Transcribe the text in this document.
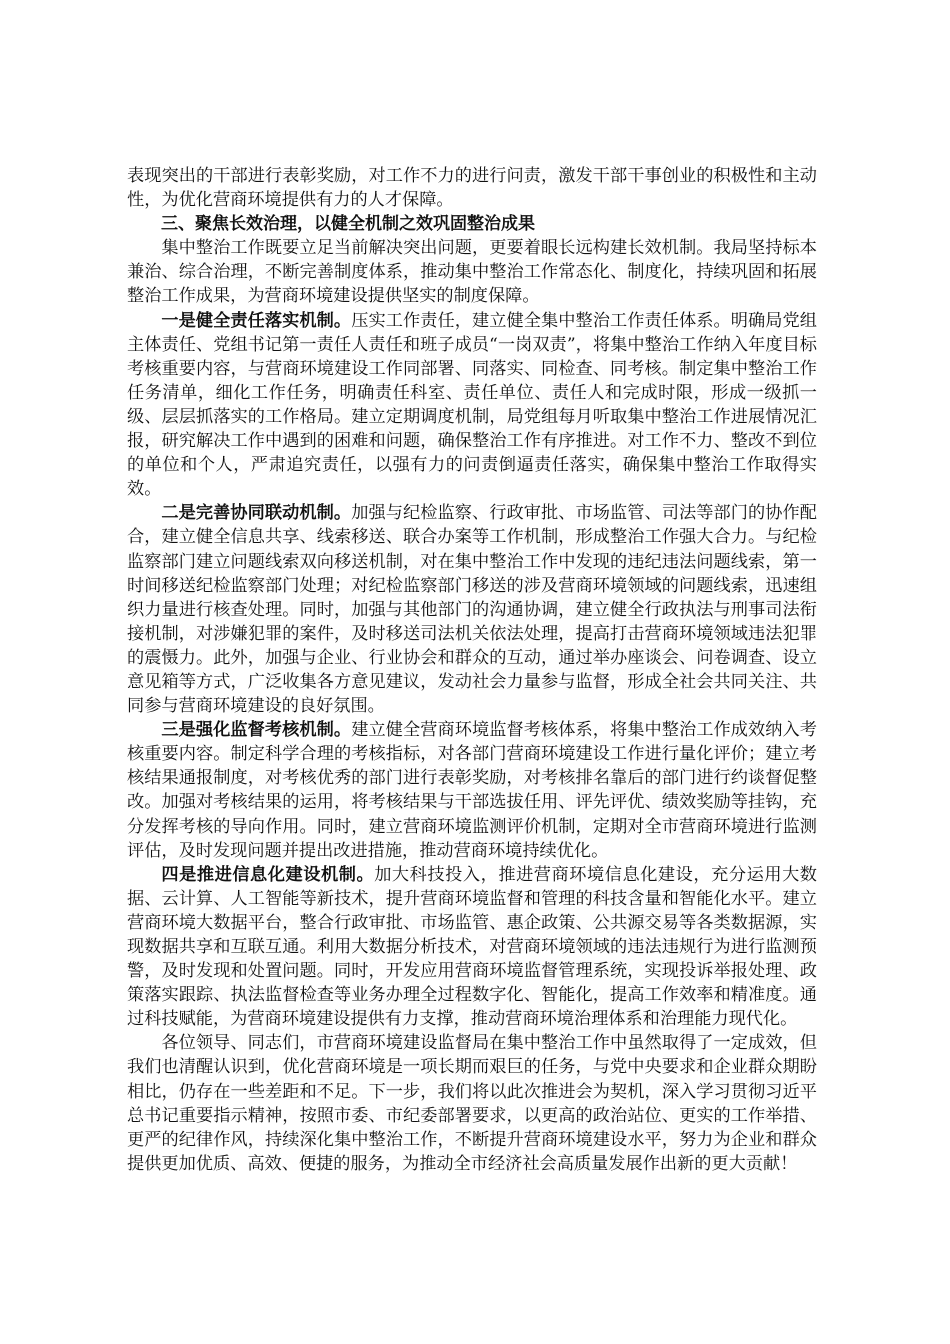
表现突出的干部进行表彰奖励，对工作不力的进行问责，激发干部干事创业的积极性和主动性，为优化营商环境提供有力的人才保障。

三、聚焦长效治理，以健全机制之效巩固整治成果

集中整治工作既要立足当前解决突出问题，更要着眼长远构建长效机制。我局坚持标本兼治、综合治理，不断完善制度体系，推动集中整治工作常态化、制度化，持续巩固和拓展整治工作成果，为营商环境建设提供坚实的制度保障。

一是健全责任落实机制。压实工作责任，建立健全集中整治工作责任体系。明确局党组主体责任、党组书记第一责任人责任和班子成员“一岗双责”，将集中整治工作纳入年度目标考核重要内容，与营商环境建设工作同部署、同落实、同检查、同考核。制定集中整治工作任务清单，细化工作任务，明确责任科室、责任单位、责任人和完成时限，形成一级抓一级、层层抓落实的工作格局。建立定期调度机制，局党组每月听取集中整治工作进展情况汇报，研究解决工作中遇到的困难和问题，确保整治工作有序推进。对工作不力、整改不到位的单位和个人，严肃追究责任，以强有力的问责倒逼责任落实，确保集中整治工作取得实效。

二是完善协同联动机制。加强与纪检监察、行政审批、市场监管、司法等部门的协作配合，建立健全信息共享、线索移送、联合办案等工作机制，形成整治工作强大合力。与纪检监察部门建立问题线索双向移送机制，对在集中整治工作中发现的违纪违法问题线索，第一时间移送纪检监察部门处理；对纪检监察部门移送的涉及营商环境领域的问题线索，迅速组织力量进行核查处理。同时，加强与其他部门的沟通协调，建立健全行政执法与刑事司法衔接机制，对涉嫌犯罪的案件，及时移送司法机关依法处理，提高打击营商环境领域违法犯罪的震慑力。此外，加强与企业、行业协会和群众的互动，通过举办座谈会、问卷调查、设立意见箱等方式，广泛收集各方意见建议，发动社会力量参与监督，形成全社会共同关注、共同参与营商环境建设的良好氛围。

三是强化监督考核机制。建立健全营商环境监督考核体系，将集中整治工作成效纳入考核重要内容。制定科学合理的考核指标，对各部门营商环境建设工作进行量化评价；建立考核结果通报制度，对考核优秀的部门进行表彰奖励，对考核排名靠后的部门进行约谈督促整改。加强对考核结果的运用，将考核结果与干部选拔任用、评先评优、绩效奖励等挂钩，充分发挥考核的导向作用。同时，建立营商环境监测评价机制，定期对全市营商环境进行监测评估，及时发现问题并提出改进措施，推动营商环境持续优化。

四是推进信息化建设机制。加大科技投入，推进营商环境信息化建设，充分运用大数据、云计算、人工智能等新技术，提升营商环境监督和管理的科技含量和智能化水平。建立营商环境大数据平台，整合行政审批、市场监管、惠企政策、公共源交易等各类数据源，实现数据共享和互联互通。利用大数据分析技术，对营商环境领域的违法违规行为进行监测预警，及时发现和处置问题。同时，开发应用营商环境监督管理系统，实现投诉举报处理、政策落实跟踪、执法监督检查等业务办理全过程数字化、智能化，提高工作效率和精准度。通过科技赋能，为营商环境建设提供有力支撑，推动营商环境治理体系和治理能力现代化。

各位领导、同志们，市营商环境建设监督局在集中整治工作中虽然取得了一定成效，但我们也清醒认识到，优化营商环境是一项长期而艰巨的任务，与党中央要求和企业群众期盼相比，仍存在一些差距和不足。下一步，我们将以此次推进会为契机，深入学习贯彻习近平总书记重要指示精神，按照市委、市纪委部署要求，以更高的政治站位、更实的工作举措、更严的纪律作风，持续深化集中整治工作，不断提升营商环境建设水平，努力为企业和群众提供更加优质、高效、便捷的服务，为推动全市经济社会高质量发展作出新的更大贡献！
